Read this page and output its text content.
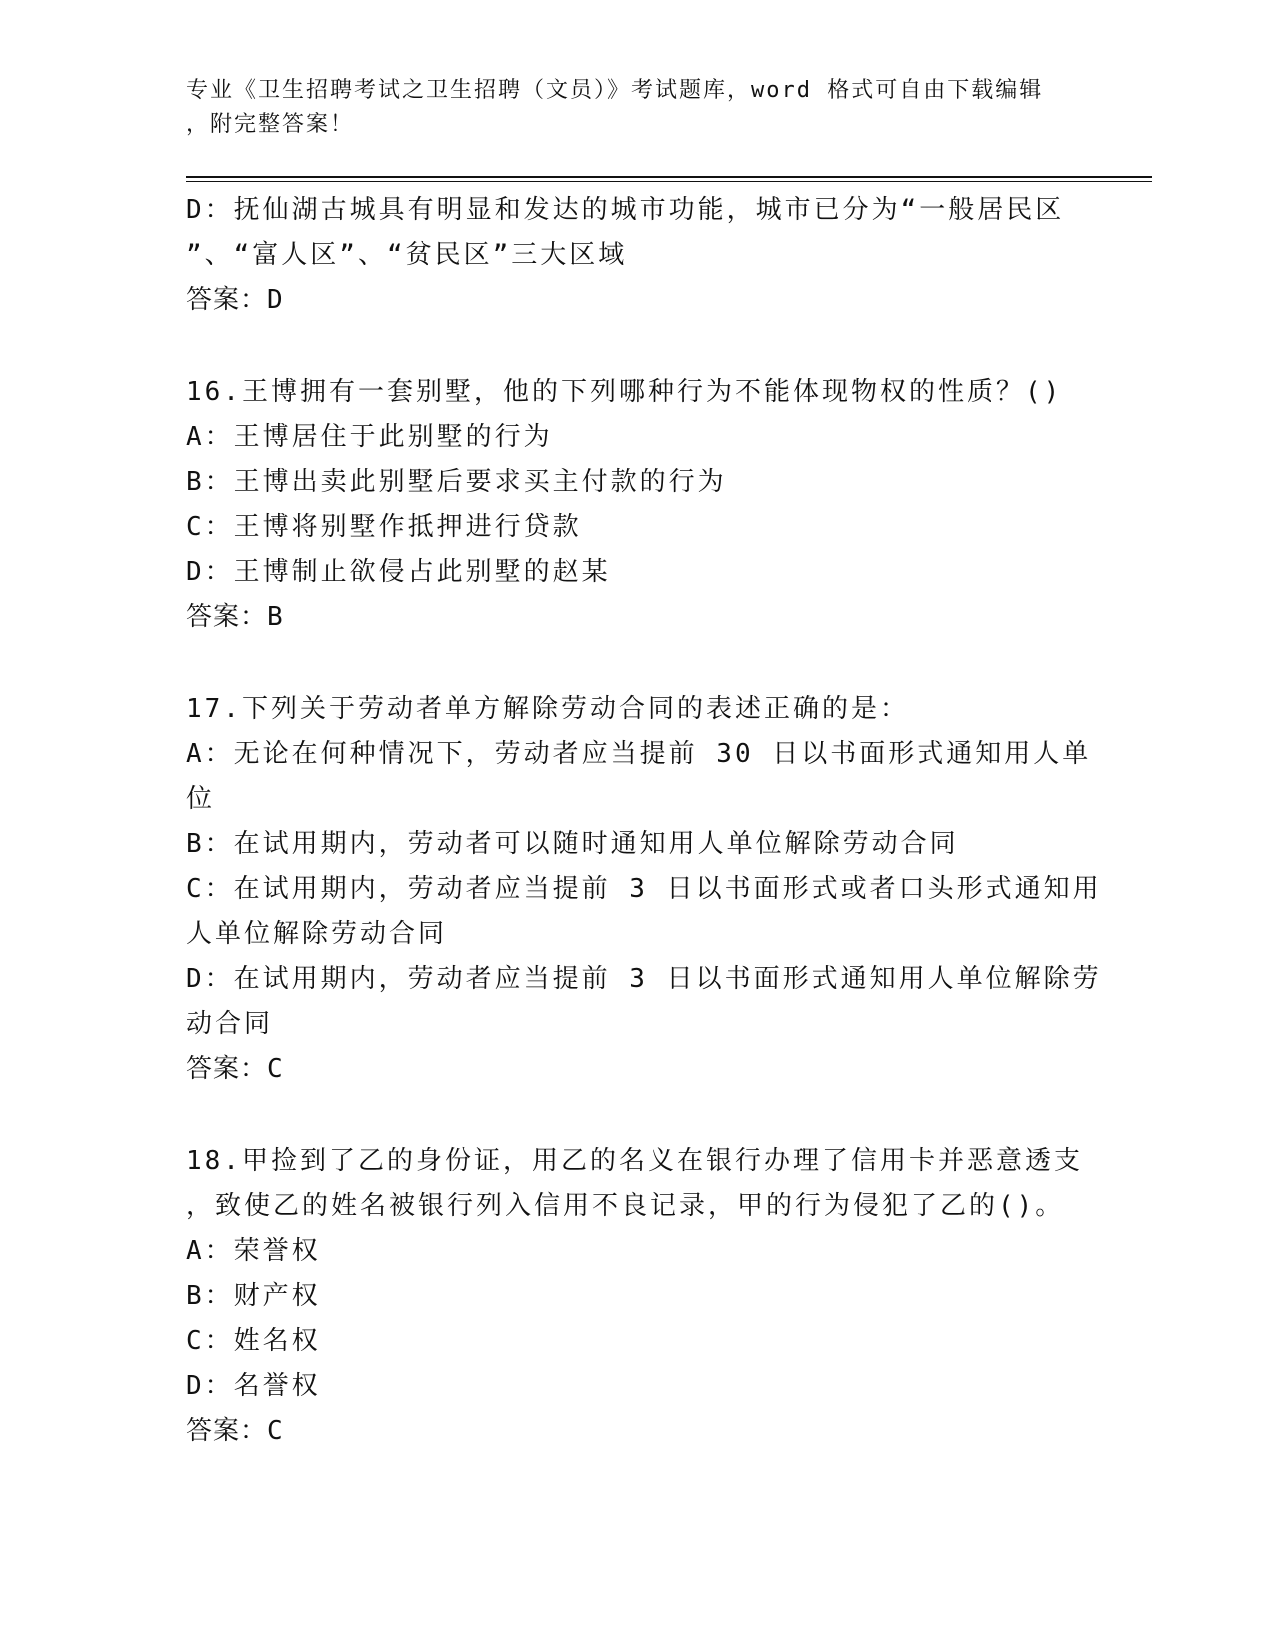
专业《卫生招聘考试之卫生招聘（文员）》考试题库，word 格式可自由下载编辑
，附完整答案！
D：抚仙湖古城具有明显和发达的城市功能，城市已分为“一般居民区
”、“富人区”、“贫民区”三大区域
答案：D
16.王博拥有一套别墅，他的下列哪种行为不能体现物权的性质？()
A：王博居住于此别墅的行为
B：王博出卖此别墅后要求买主付款的行为
C：王博将别墅作抵押进行贷款
D：王博制止欲侵占此别墅的赵某
答案：B
17.下列关于劳动者单方解除劳动合同的表述正确的是：
A：无论在何种情况下，劳动者应当提前 30 日以书面形式通知用人单
位
B：在试用期内，劳动者可以随时通知用人单位解除劳动合同
C：在试用期内，劳动者应当提前 3 日以书面形式或者口头形式通知用
人单位解除劳动合同
D：在试用期内，劳动者应当提前 3 日以书面形式通知用人单位解除劳
动合同
答案：C
18.甲捡到了乙的身份证，用乙的名义在银行办理了信用卡并恶意透支
，致使乙的姓名被银行列入信用不良记录，甲的行为侵犯了乙的()。
A：荣誉权
B：财产权
C：姓名权
D：名誉权
答案：C
